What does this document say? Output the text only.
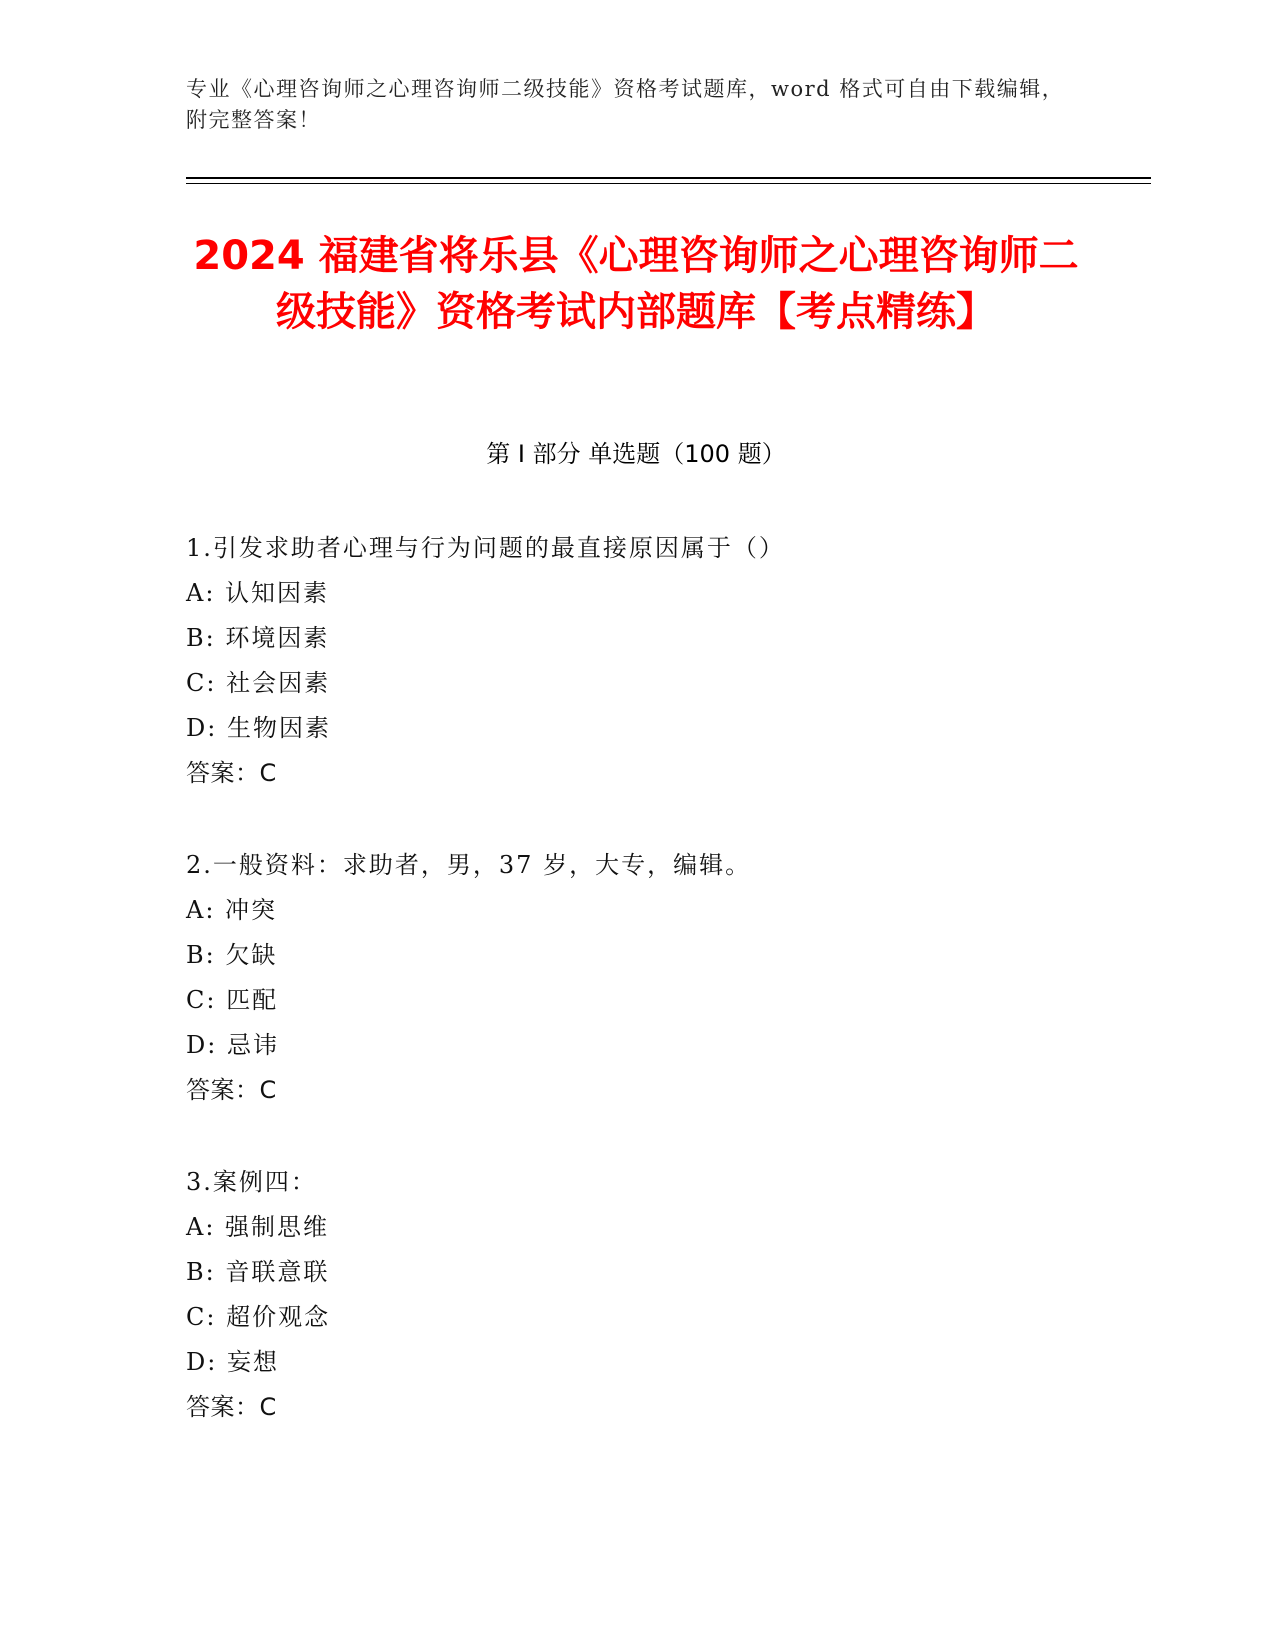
专业《心理咨询师之心理咨询师二级技能》资格考试题库，word 格式可自由下载编辑，附完整答案！
2024 福建省将乐县《心理咨询师之心理咨询师二级技能》资格考试内部题库【考点精练】
第 I 部分 单选题（100 题）
1.引发求助者心理与行为问题的最直接原因属于（）
A: 认知因素
B: 环境因素
C: 社会因素
D: 生物因素
答案：C
2.一般资料：求助者，男，37 岁，大专，编辑。
A: 冲突
B: 欠缺
C: 匹配
D: 忌讳
答案：C
3.案例四：
A: 强制思维
B: 音联意联
C: 超价观念
D: 妄想
答案：C
